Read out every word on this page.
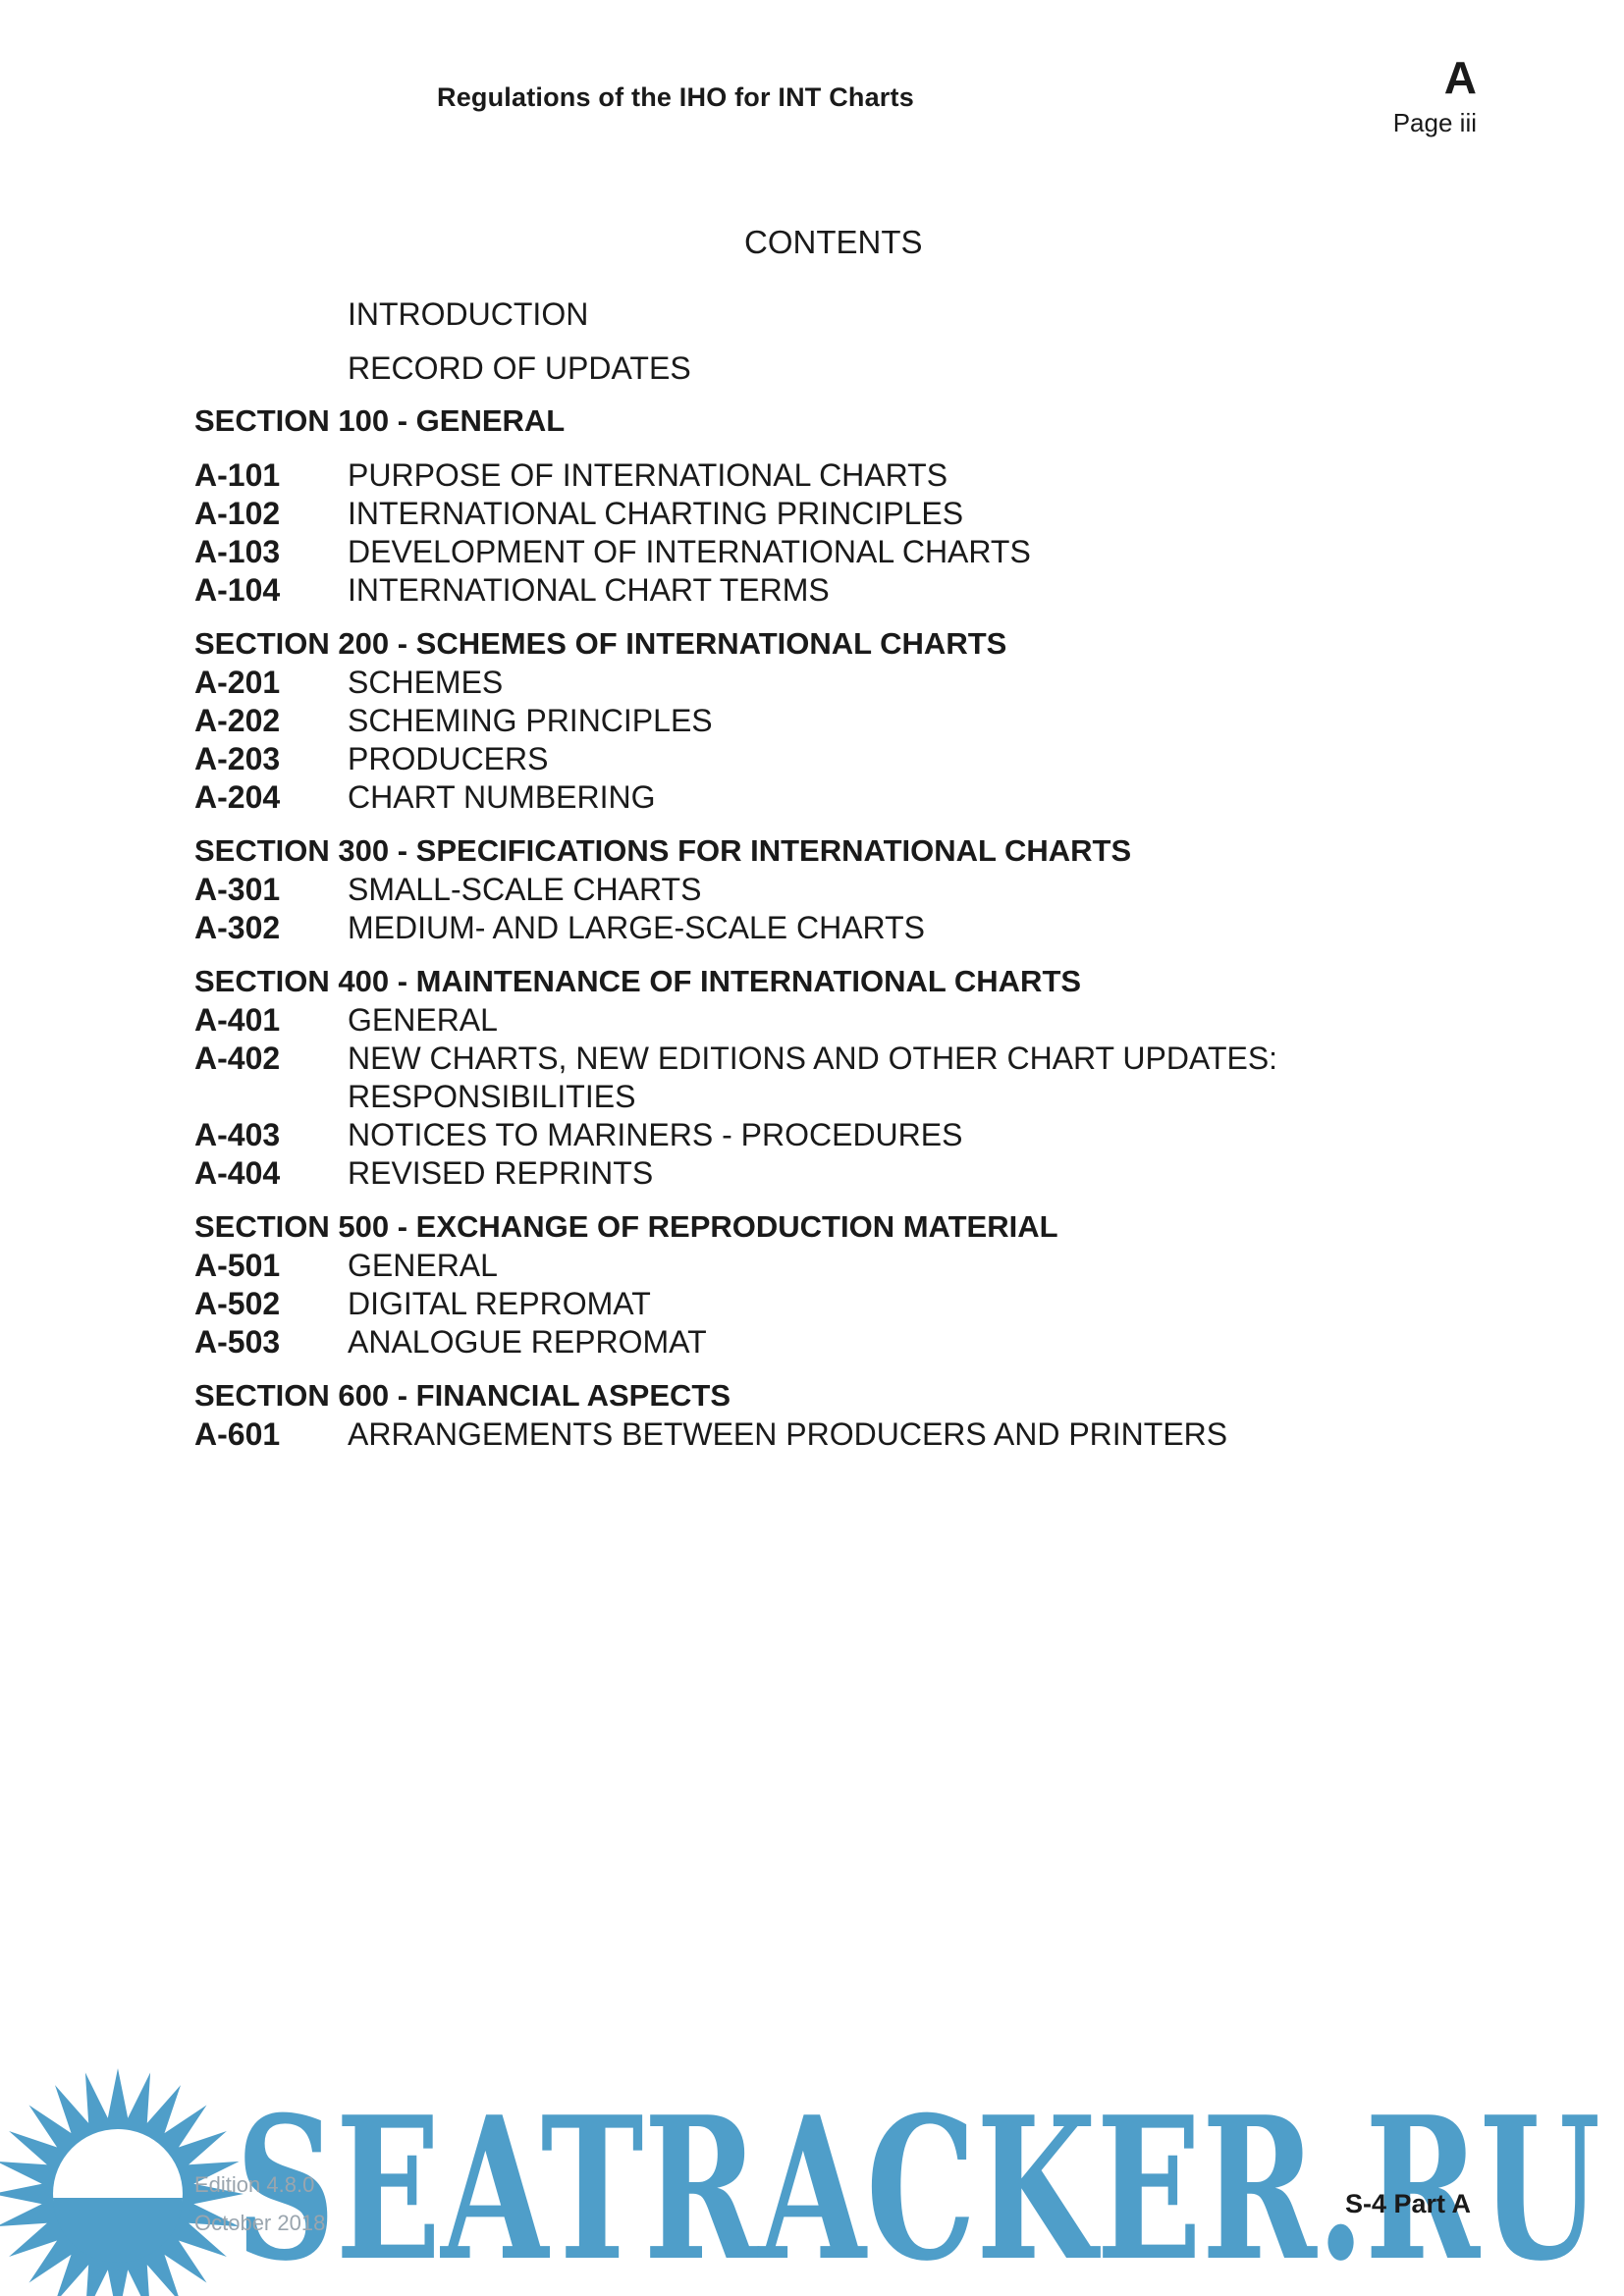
Regulations of the IHO for INT Charts	A
Page iii
CONTENTS
INTRODUCTION
RECORD OF UPDATES
SECTION 100 - GENERAL
A-101 PURPOSE OF INTERNATIONAL CHARTS
A-102 INTERNATIONAL CHARTING PRINCIPLES
A-103 DEVELOPMENT OF INTERNATIONAL CHARTS
A-104 INTERNATIONAL CHART TERMS
SECTION 200 - SCHEMES OF INTERNATIONAL CHARTS
A-201 SCHEMES
A-202 SCHEMING PRINCIPLES
A-203 PRODUCERS
A-204 CHART NUMBERING
SECTION 300 - SPECIFICATIONS FOR INTERNATIONAL CHARTS
A-301 SMALL-SCALE CHARTS
A-302 MEDIUM- AND LARGE-SCALE CHARTS
SECTION 400 - MAINTENANCE OF INTERNATIONAL CHARTS
A-401 GENERAL
A-402 NEW CHARTS, NEW EDITIONS AND OTHER CHART UPDATES:
RESPONSIBILITIES
A-403 NOTICES TO MARINERS - PROCEDURES
A-404 REVISED REPRINTS
SECTION 500 - EXCHANGE OF REPRODUCTION MATERIAL
A-501 GENERAL
A-502 DIGITAL REPROMAT
A-503 ANALOGUE REPROMAT
SECTION 600 - FINANCIAL ASPECTS
A-601 ARRANGEMENTS BETWEEN PRODUCERS AND PRINTERS
SEATRACKER.RU
Edition 4.8.0
October 2018
S-4 Part A
